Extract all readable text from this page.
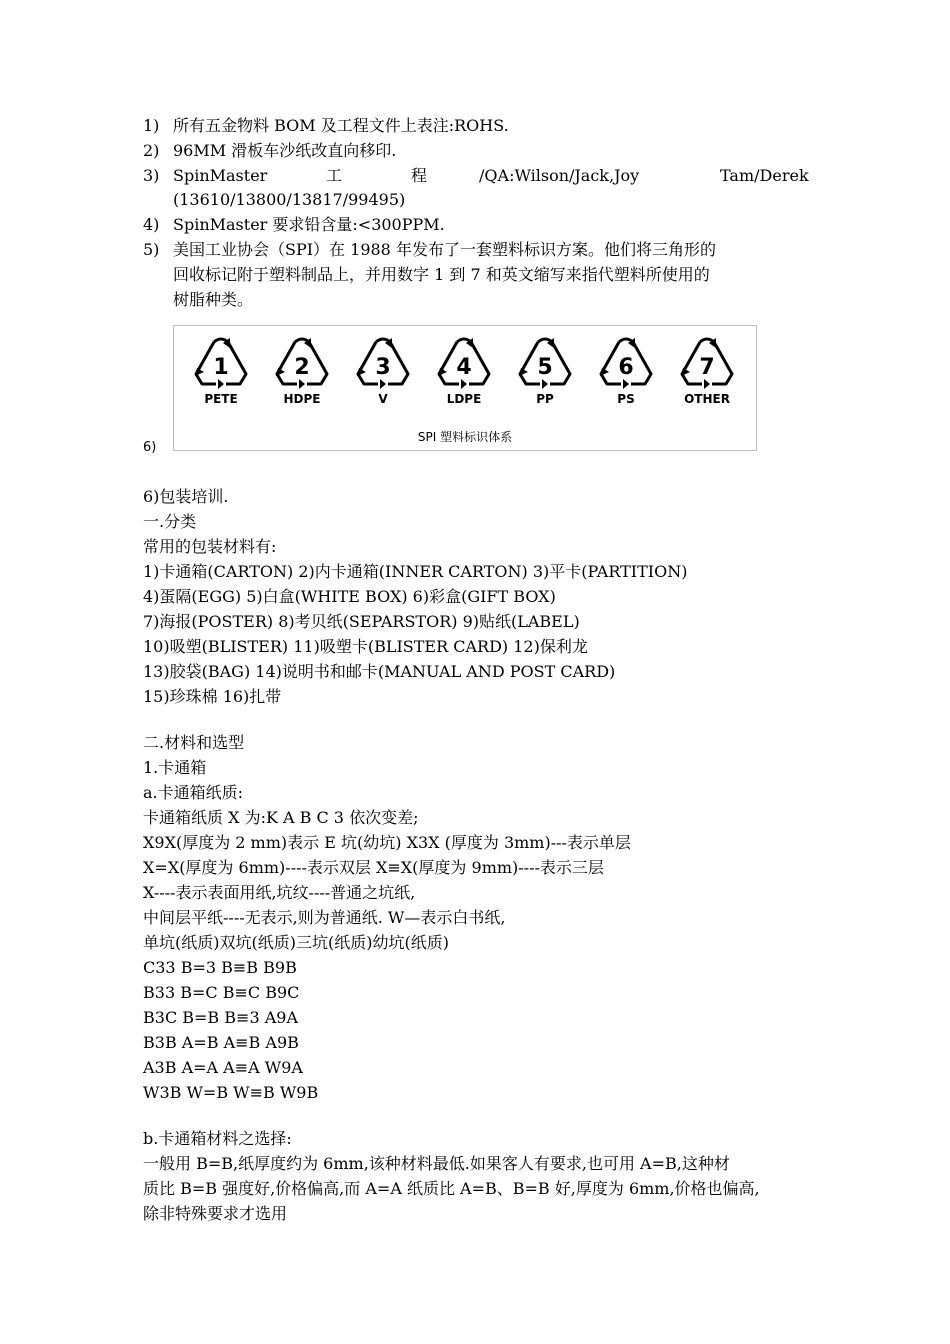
1) 所有五金物料 BOM 及工程文件上表注:ROHS.
2) 96MM 滑板车沙纸改直向移印.
3) SpinMaster	工	程	/QA:Wilson/Jack,Joy	Tam/Derek
(13610/13800/13817/99495)
4) SpinMaster 要求铅含量:<300PPM.
5) 美国工业协会（SPI）在 1988 年发布了一套塑料标识方案。他们将三角形的
回收标记附于塑料制品上，并用数字 1 到 7 和英文缩写来指代塑料所使用的
树脂种类。
6)
1
PETE
2
HDPE
3
V
4
LDPE
5
PP
6
PS
7
OTHER
SPI 塑料标识体系
6)包装培训.
一.分类
常用的包装材料有:
1)卡通箱(CARTON) 2)内卡通箱(INNER CARTON) 3)平卡(PARTITION)
4)蛋隔(EGG) 5)白盒(WHITE BOX) 6)彩盒(GIFT BOX)
7)海报(POSTER) 8)考贝纸(SEPARSTOR) 9)贴纸(LABEL)
10)吸塑(BLISTER) 11)吸塑卡(BLISTER CARD) 12)保利龙
13)胶袋(BAG) 14)说明书和邮卡(MANUAL AND POST CARD)
15)珍珠棉 16)扎带
二.材料和选型
1.卡通箱
a.卡通箱纸质:
卡通箱纸质 X 为:K A B C 3 依次变差;
X9X(厚度为 2 mm)表示 E 坑(幼坑) X3X (厚度为 3mm)---表示单层
X=X(厚度为 6mm)----表示双层 X≡X(厚度为 9mm)----表示三层
X----表示表面用纸,坑纹----普通之坑纸,
中间层平纸----无表示,则为普通纸. W—表示白书纸,
单坑(纸质)双坑(纸质)三坑(纸质)幼坑(纸质)
C33 B=3 B≡B B9B
B33 B=C B≡C B9C
B3C B=B B≡3 A9A
B3B A=B A≡B A9B
A3B A=A A≡A W9A
W3B W=B W≡B W9B
b.卡通箱材料之选择:
一般用 B=B,纸厚度约为 6mm,该种材料最低.如果客人有要求,也可用 A=B,这种材
质比 B=B 强度好,价格偏高,而 A=A 纸质比 A=B、B=B 好,厚度为 6mm,价格也偏高,
除非特殊要求才选用
